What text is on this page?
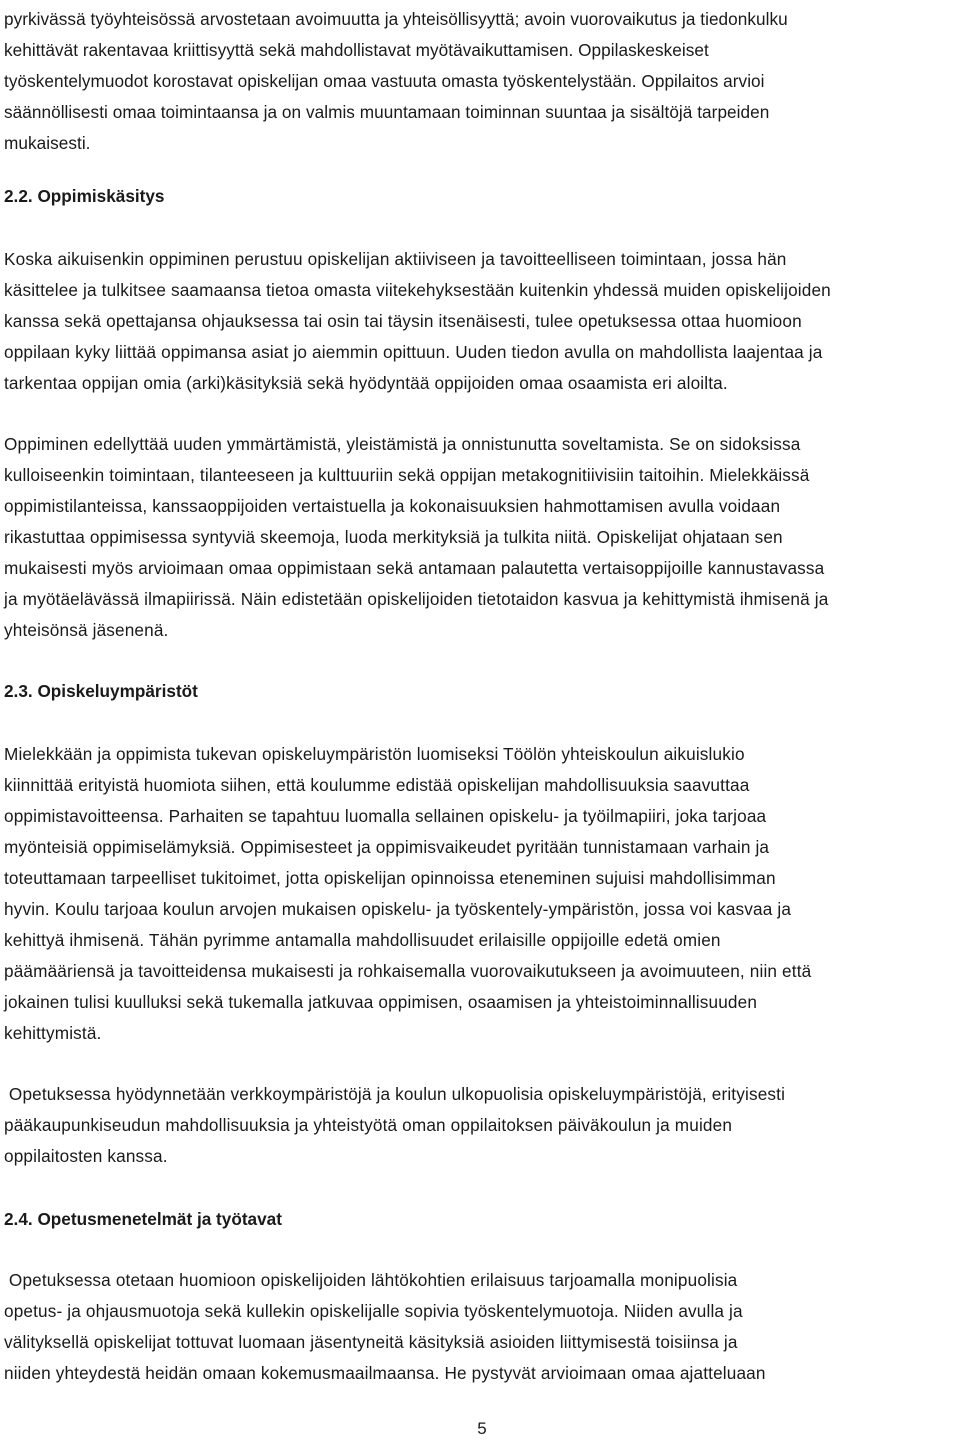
pyrkivässä työyhteisössä arvostetaan avoimuutta ja yhteisöllisyyttä; avoin vuorovaikutus ja tiedonkulku
kehittävät rakentavaa kriittisyyttä sekä mahdollistavat myötävaikuttamisen. Oppilaskeskeiset
työskentelymuodot korostavat opiskelijan omaa vastuuta omasta työskentelystään. Oppilaitos arvioi
säännöllisesti omaa toimintaansa ja on valmis muuntamaan toiminnan suuntaa ja sisältöjä tarpeiden
mukaisesti.
2.2. Oppimiskäsitys
Koska aikuisenkin oppiminen perustuu opiskelijan aktiiviseen ja tavoitteelliseen toimintaan, jossa hän
käsittelee ja tulkitsee saamaansa tietoa omasta viitekehyksestään kuitenkin yhdessä muiden opiskelijoiden
kanssa sekä opettajansa ohjauksessa tai osin tai täysin itsenäisesti, tulee opetuksessa ottaa huomioon
oppilaan kyky liittää oppimansa asiat jo aiemmin opittuun. Uuden tiedon avulla on mahdollista laajentaa ja
tarkentaa oppijan omia (arki)käsityksiä sekä hyödyntää oppijoiden omaa osaamista eri aloilta.
Oppiminen edellyttää uuden ymmärtämistä, yleistämistä ja onnistunutta soveltamista. Se on sidoksissa
kulloiseenkin toimintaan, tilanteeseen ja kulttuuriin sekä oppijan metakognitiivisiin taitoihin. Mielekkäissä
oppimistilanteissa, kanssaoppijoiden vertaistuella ja kokonaisuuksien hahmottamisen avulla voidaan
rikastuttaa oppimisessa syntyviä skeemoja, luoda merkityksiä ja tulkita niitä. Opiskelijat ohjataan sen
mukaisesti myös arvioimaan omaa oppimistaan sekä antamaan palautetta vertaisoppijoille kannustavassa
ja myötäelävässä ilmapiirissä. Näin edistetään opiskelijoiden tietotaidon kasvua ja kehittymistä ihmisenä ja
yhteisönsä jäsenenä.
2.3. Opiskeluympäristöt
Mielekkään ja oppimista tukevan opiskeluympäristön luomiseksi Töölön yhteiskoulun aikuislukio
kiinnittää erityistä huomiota siihen, että koulumme edistää opiskelijan mahdollisuuksia saavuttaa
oppimistavoitteensa. Parhaiten se tapahtuu luomalla sellainen opiskelu- ja työilmapiiri, joka tarjoaa
myönteisiä oppimiselämyksiä. Oppimisesteet ja oppimisvaikeudet pyritään tunnistamaan varhain ja
toteuttamaan tarpeelliset tukitoimet, jotta opiskelijan opinnoissa eteneminen sujuisi mahdollisimman
hyvin. Koulu tarjoaa koulun arvojen mukaisen opiskelu- ja työskentely-ympäristön, jossa voi kasvaa ja
kehittyä ihmisenä. Tähän pyrimme antamalla mahdollisuudet erilaisille oppijoille edetä omien
päämääriensä ja tavoitteidensa mukaisesti ja rohkaisemalla vuorovaikutukseen ja avoimuuteen, niin että
jokainen tulisi kuulluksi sekä tukemalla jatkuvaa oppimisen, osaamisen ja yhteistoiminnallisuuden
kehittymistä.
Opetuksessa hyödynnetään verkkoympäristöjä ja koulun ulkopuolisia opiskeluympäristöjä, erityisesti
pääkaupunkiseudun mahdollisuuksia ja yhteistyötä oman oppilaitoksen päiväkoulun ja muiden
oppilaitosten kanssa.
2.4. Opetusmenetelmät ja työtavat
Opetuksessa otetaan huomioon opiskelijoiden lähtökohtien erilaisuus tarjoamalla monipuolisia
opetus- ja ohjausmuotoja sekä kullekin opiskelijalle sopivia työskentelymuotoja. Niiden avulla ja
välityksellä opiskelijat tottuvat luomaan jäsentyneitä käsityksiä asioiden liittymisestä toisiinsa ja
niiden yhteydestä heidän omaan kokemusmaailmaansa. He pystyvät arvioimaan omaa ajatteluaan
5
